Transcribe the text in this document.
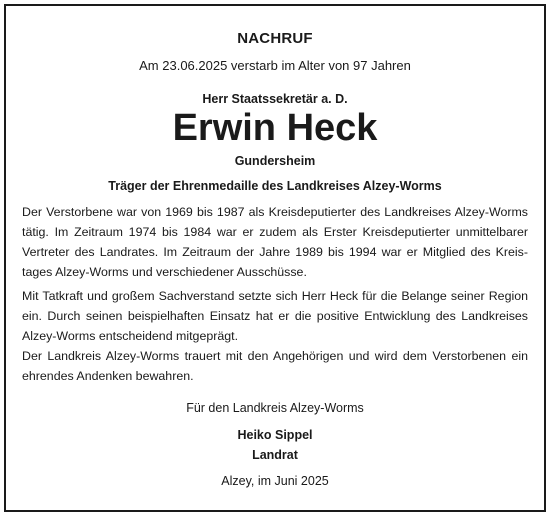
NACHRUF
Am 23.06.2025 verstarb im Alter von 97 Jahren
Herr Staatssekretär a. D.
Erwin Heck
Gundersheim
Träger der Ehrenmedaille des Landkreises Alzey-Worms

Der Verstorbene war von 1969 bis 1987 als Kreisdeputierter des Landkreises Alzey-Worms tätig. Im Zeitraum 1974 bis 1984 war er zudem als Erster Kreisdeputierter unmittelbarer Vertreter des Landrates. Im Zeitraum der Jahre 1989 bis 1994 war er Mitglied des Kreistages Alzey-Worms und verschiedener Ausschüsse.

Mit Tatkraft und großem Sachverstand setzte sich Herr Heck für die Belange seiner Region ein. Durch seinen beispielhaften Einsatz hat er die positive Entwicklung des Landkreises Alzey-Worms entscheidend mitgeprägt.

Der Landkreis Alzey-Worms trauert mit den Angehörigen und wird dem Verstorbenen ein ehrendes Andenken bewahren.

Für den Landkreis Alzey-Worms
Heiko Sippel
Landrat
Alzey, im Juni 2025
